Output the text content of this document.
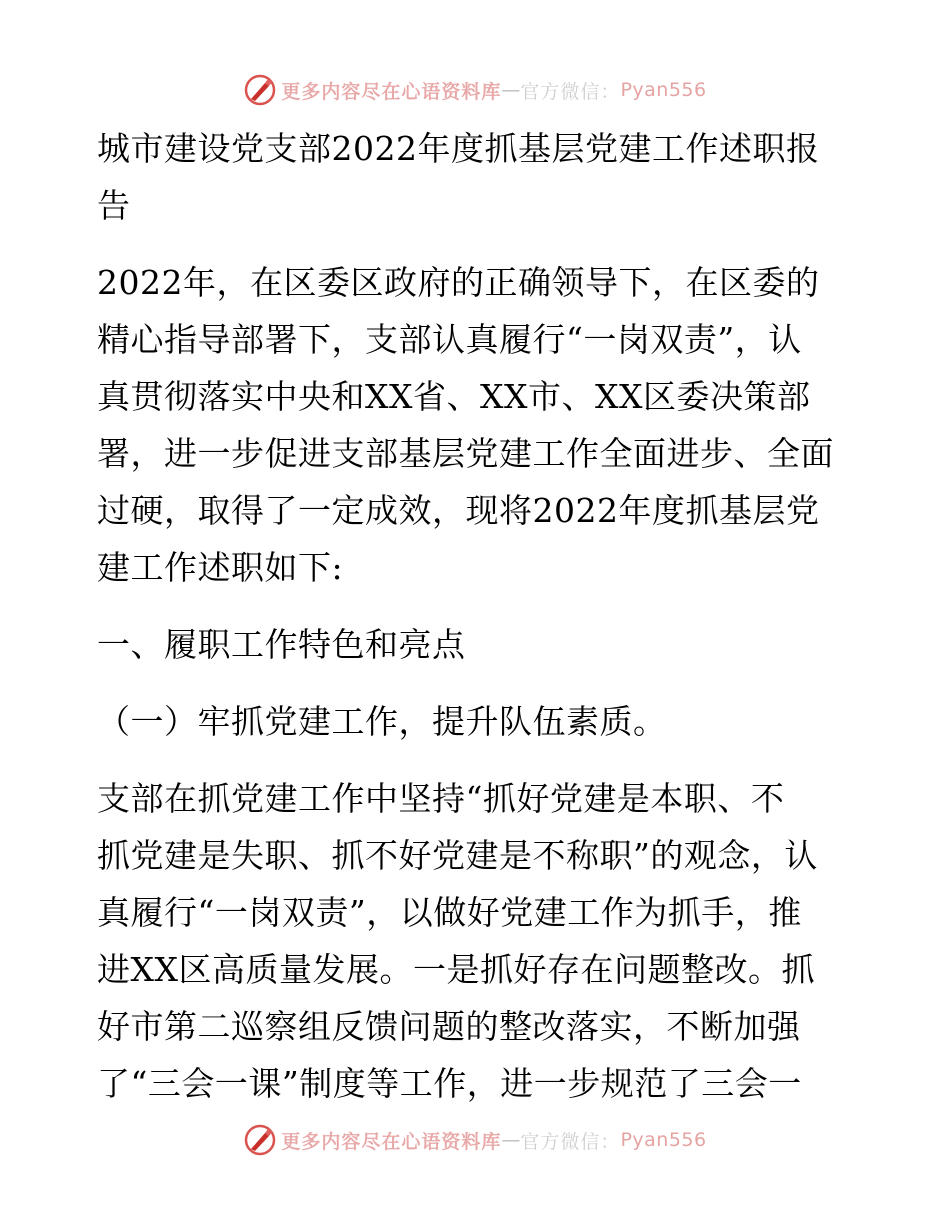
更多内容尽在心语资料库 — 官方微信： Pyan556
城市建设党支部2022年度抓基层党建工作述职报
告
2022年，在区委区政府的正确领导下，在区委的
精心指导部署下，支部认真履行“一岗双责”，认
真贯彻落实中央和XX省、XX市、XX区委决策部
署，进一步促进支部基层党建工作全面进步、全面
过硬，取得了一定成效，现将2022年度抓基层党
建工作述职如下:
一、履职工作特色和亮点
（一）牢抓党建工作，提升队伍素质。
支部在抓党建工作中坚持“抓好党建是本职、不
抓党建是失职、抓不好党建是不称职”的观念，认
真履行“一岗双责”，以做好党建工作为抓手，推
进XX区高质量发展。一是抓好存在问题整改。抓
好市第二巡察组反馈问题的整改落实，不断加强
了“三会一课”制度等工作，进一步规范了三会一
更多内容尽在心语资料库 — 官方微信： Pyan556
